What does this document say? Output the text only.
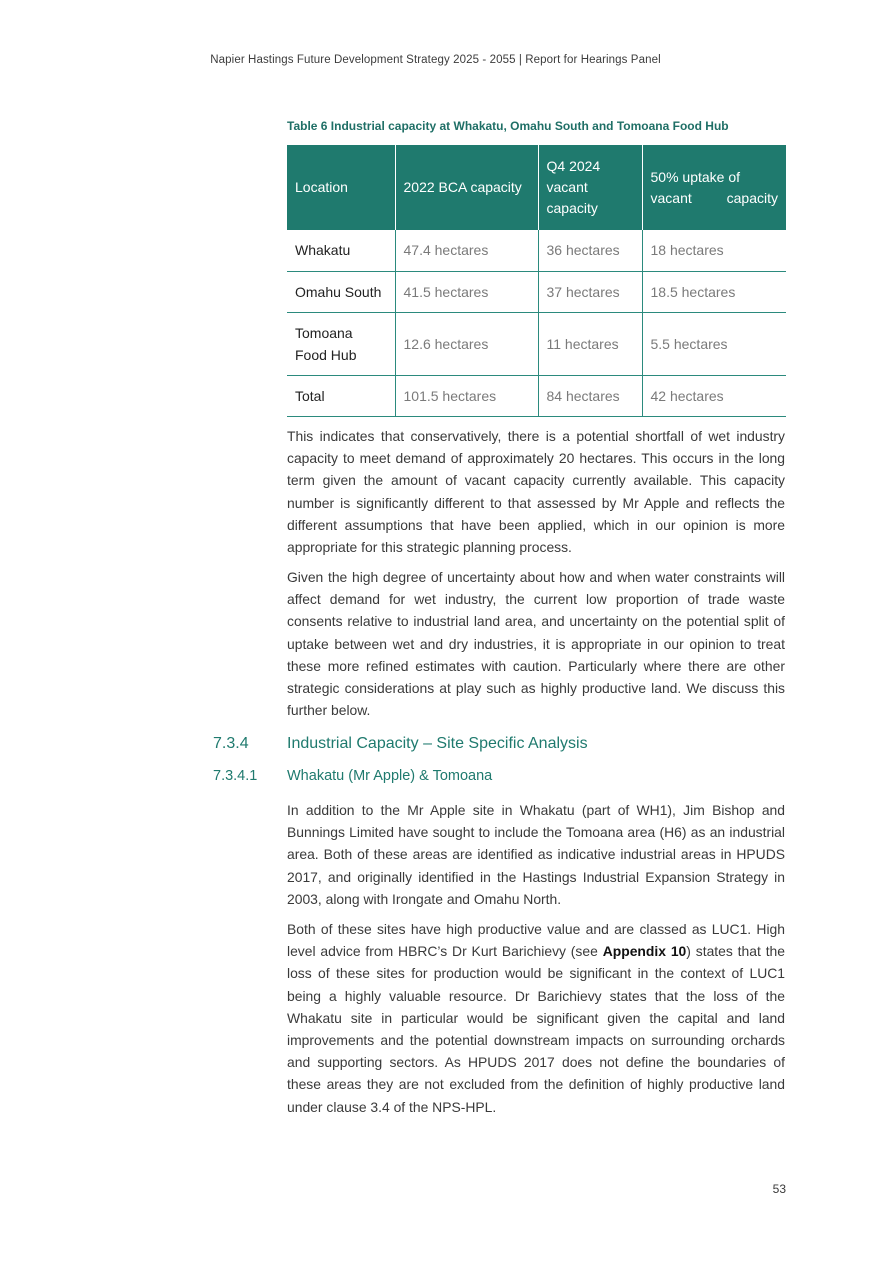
Napier Hastings Future Development Strategy 2025 - 2055 | Report for Hearings Panel
Table 6 Industrial capacity at Whakatu, Omahu South and Tomoana Food Hub
Location	2022 BCA capacity	Q4 2024 vacant capacity	50% uptake of vacant capacity
Whakatu	47.4 hectares	36 hectares	18 hectares
Omahu South	41.5 hectares	37 hectares	18.5 hectares
Tomoana Food Hub	12.6 hectares	11 hectares	5.5 hectares
Total	101.5 hectares	84 hectares	42 hectares

This indicates that conservatively, there is a potential shortfall of wet industry capacity to meet demand of approximately 20 hectares. This occurs in the long term given the amount of vacant capacity currently available. This capacity number is significantly different to that assessed by Mr Apple and reflects the different assumptions that have been applied, which in our opinion is more appropriate for this strategic planning process.

Given the high degree of uncertainty about how and when water constraints will affect demand for wet industry, the current low proportion of trade waste consents relative to industrial land area, and uncertainty on the potential split of uptake between wet and dry industries, it is appropriate in our opinion to treat these more refined estimates with caution. Particularly where there are other strategic considerations at play such as highly productive land. We discuss this further below.

7.3.4 Industrial Capacity – Site Specific Analysis
7.3.4.1 Whakatu (Mr Apple) & Tomoana

In addition to the Mr Apple site in Whakatu (part of WH1), Jim Bishop and Bunnings Limited have sought to include the Tomoana area (H6) as an industrial area. Both of these areas are identified as indicative industrial areas in HPUDS 2017, and originally identified in the Hastings Industrial Expansion Strategy in 2003, along with Irongate and Omahu North.

Both of these sites have high productive value and are classed as LUC1. High level advice from HBRC’s Dr Kurt Barichievy (see Appendix 10) states that the loss of these sites for production would be significant in the context of LUC1 being a highly valuable resource. Dr Barichievy states that the loss of the Whakatu site in particular would be significant given the capital and land improvements and the potential downstream impacts on surrounding orchards and supporting sectors. As HPUDS 2017 does not define the boundaries of these areas they are not excluded from the definition of highly productive land under clause 3.4 of the NPS-HPL.

53
